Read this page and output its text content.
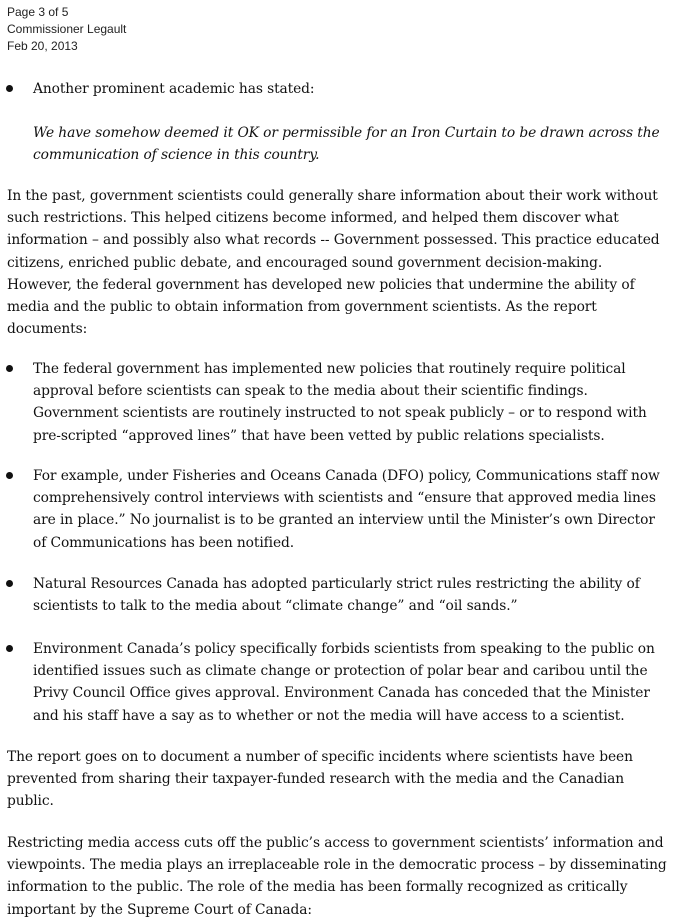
Page 3 of 5
Commissioner Legault
Feb 20, 2013
Another prominent academic has stated:
We have somehow deemed it OK or permissible for an Iron Curtain to be drawn across the
communication of science in this country.
In the past, government scientists could generally share information about their work without
such restrictions. This helped citizens become informed, and helped them discover what
information – and possibly also what records -- Government possessed. This practice educated
citizens, enriched public debate, and encouraged sound government decision-making.
However, the federal government has developed new policies that undermine the ability of
media and the public to obtain information from government scientists. As the report
documents:
The federal government has implemented new policies that routinely require political
approval before scientists can speak to the media about their scientific findings.
Government scientists are routinely instructed to not speak publicly – or to respond with
pre-scripted “approved lines” that have been vetted by public relations specialists.
For example, under Fisheries and Oceans Canada (DFO) policy, Communications staff now
comprehensively control interviews with scientists and “ensure that approved media lines
are in place.” No journalist is to be granted an interview until the Minister’s own Director
of Communications has been notified.
Natural Resources Canada has adopted particularly strict rules restricting the ability of
scientists to talk to the media about “climate change” and “oil sands.”
Environment Canada’s policy specifically forbids scientists from speaking to the public on
identified issues such as climate change or protection of polar bear and caribou until the
Privy Council Office gives approval. Environment Canada has conceded that the Minister
and his staff have a say as to whether or not the media will have access to a scientist.
The report goes on to document a number of specific incidents where scientists have been
prevented from sharing their taxpayer-funded research with the media and the Canadian
public.
Restricting media access cuts off the public’s access to government scientists’ information and
viewpoints. The media plays an irreplaceable role in the democratic process – by disseminating
information to the public. The role of the media has been formally recognized as critically
important by the Supreme Court of Canada:
